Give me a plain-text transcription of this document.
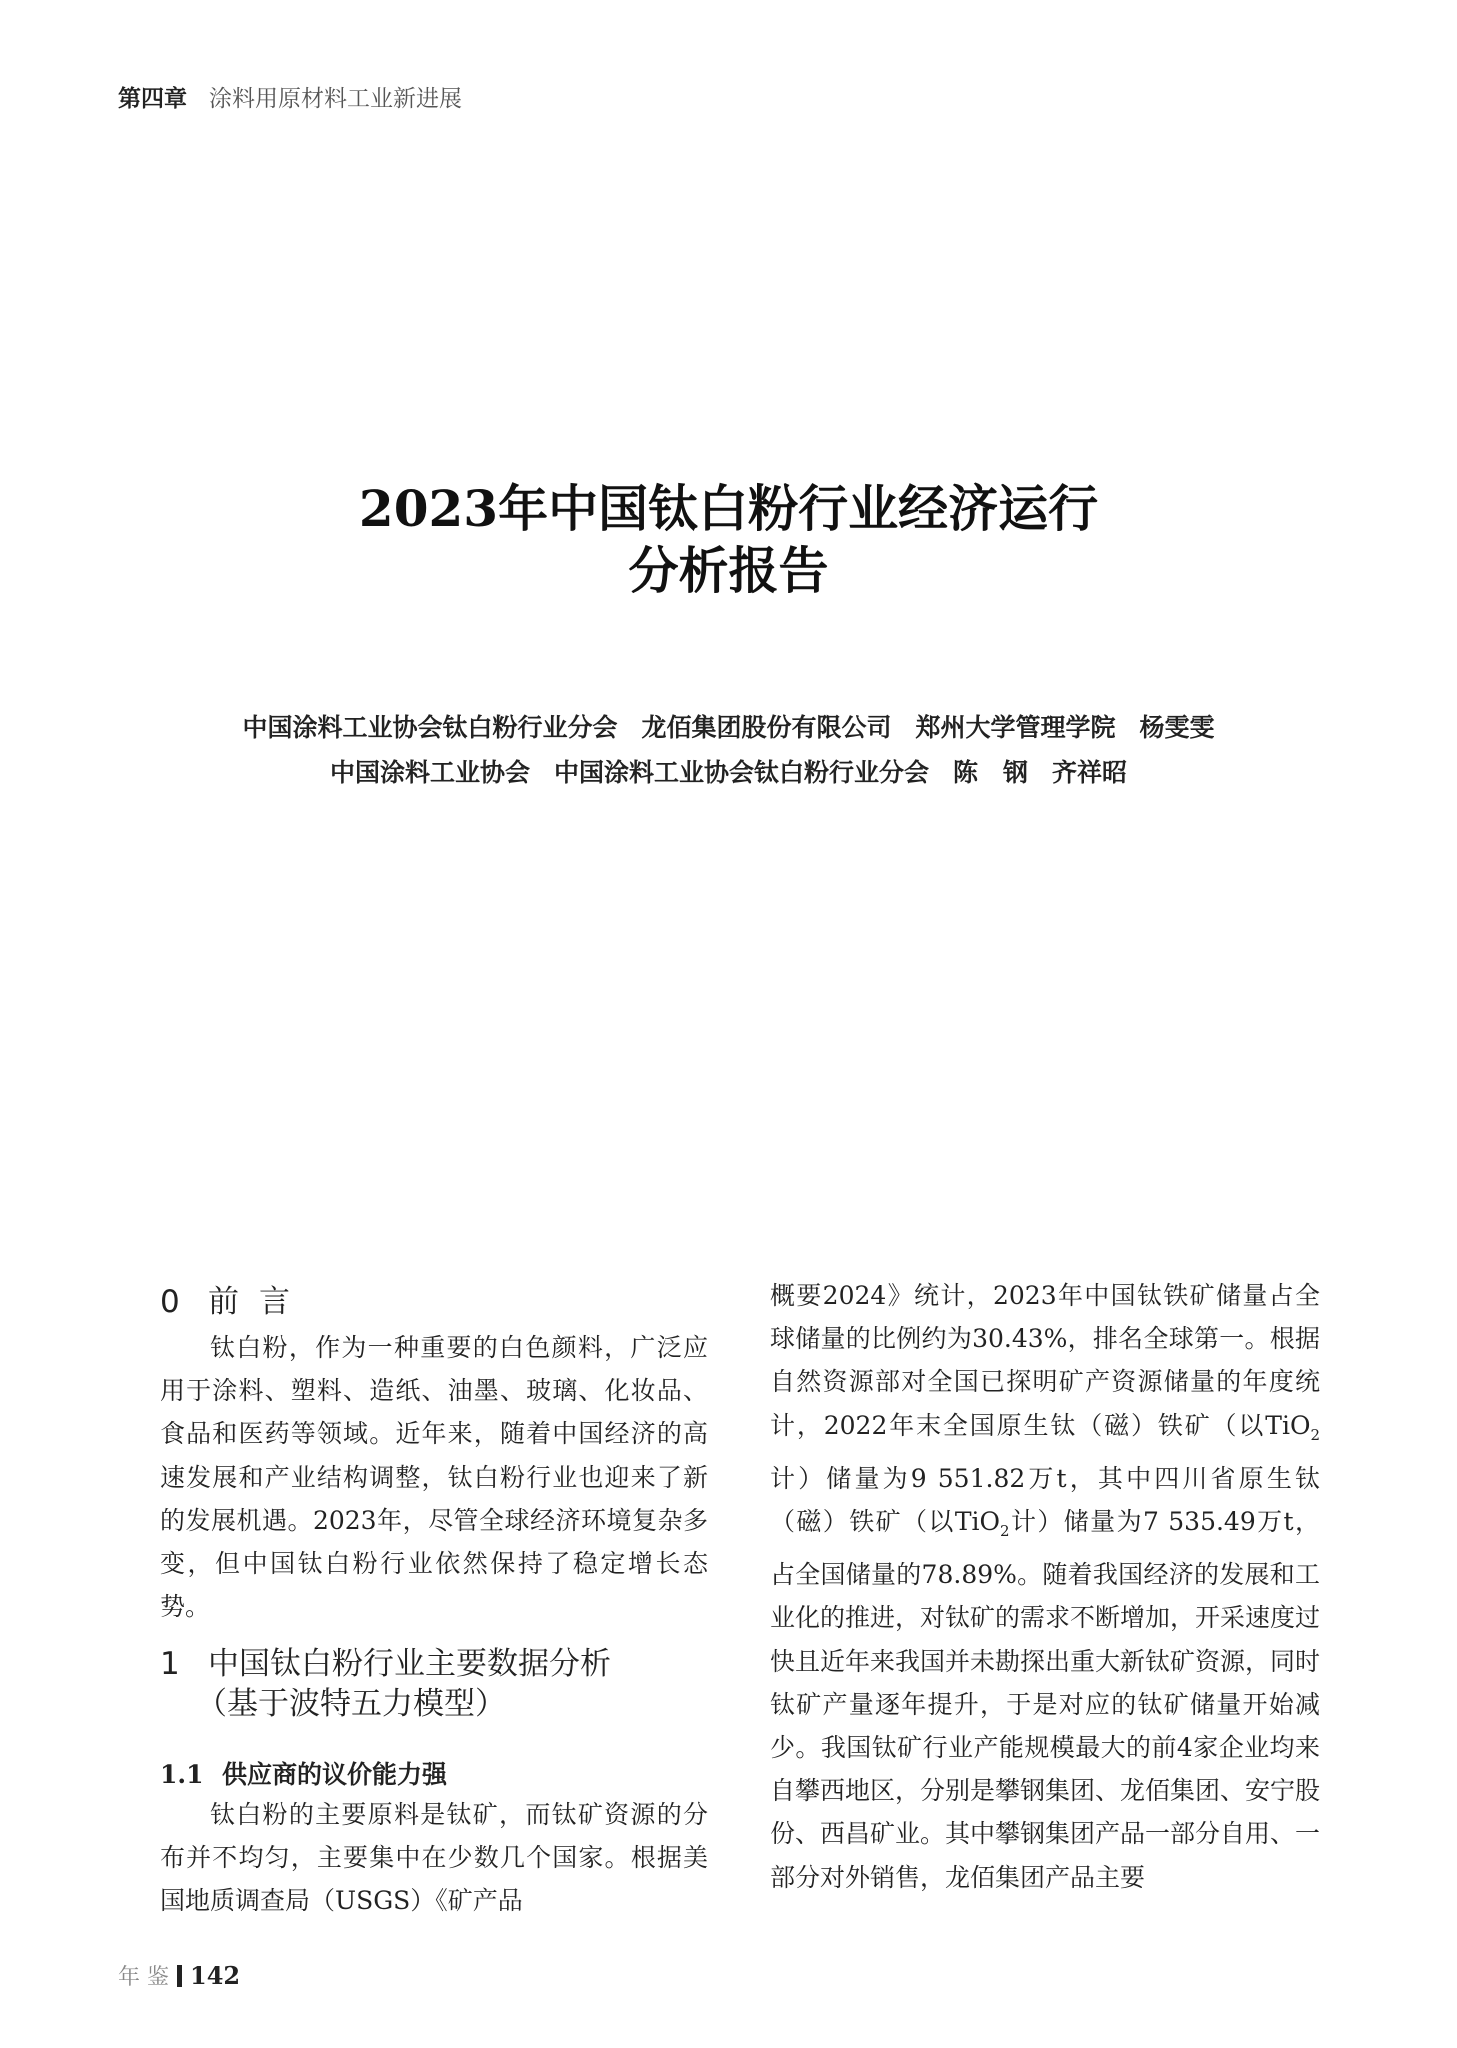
第四章 涂料用原材料工业新进展
2023年中国钛白粉行业经济运行
分析报告
中国涂料工业协会钛白粉行业分会 龙佰集团股份有限公司 郑州大学管理学院 杨雯雯
中国涂料工业协会 中国涂料工业协会钛白粉行业分会 陈　钢 齐祥昭
0 前言

钛白粉，作为一种重要的白色颜料，广泛应用于涂料、塑料、造纸、油墨、玻璃、化妆品、食品和医药等领域。近年来，随着中国经济的高速发展和产业结构调整，钛白粉行业也迎来了新的发展机遇。2023年，尽管全球经济环境复杂多变，但中国钛白粉行业依然保持了稳定增长态势。

1 中国钛白粉行业主要数据分析
（基于波特五力模型）
1.1 供应商的议价能力强

钛白粉的主要原料是钛矿，而钛矿资源的分布并不均匀，主要集中在少数几个国家。根据美国地质调查局（USGS）《矿产品

概要2024》统计，2023年中国钛铁矿储量占全球储量的比例约为30.43%，排名全球第一。根据自然资源部对全国已探明矿产资源储量的年度统计，2022年末全国原生钛（磁）铁矿（以TiO$_2$计）储量为9 551.82万t，其中四川省原生钛（磁）铁矿（以TiO$_2$计）储量为7 535.49万t，占全国储量的78.89%。随着我国经济的发展和工业化的推进，对钛矿的需求不断增加，开采速度过快且近年来我国并未勘探出重大新钛矿资源，同时钛矿产量逐年提升，于是对应的钛矿储量开始减少。我国钛矿行业产能规模最大的前4家企业均来自攀西地区，分别是攀钢集团、龙佰集团、安宁股份、西昌矿业。其中攀钢集团产品一部分自用、一部分对外销售，龙佰集团产品主要

年 鉴 142
